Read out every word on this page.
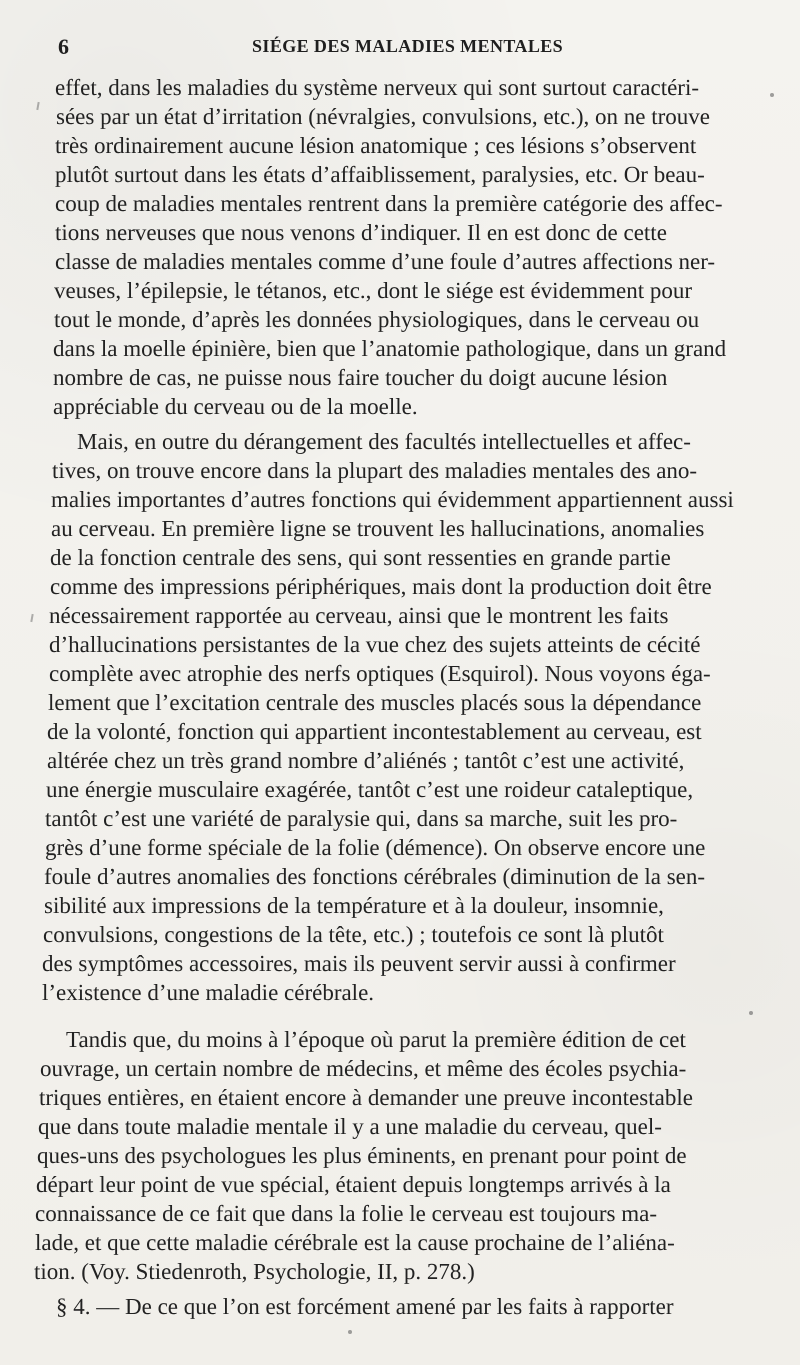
6	SIÉGE DES MALADIES MENTALES
effet, dans les maladies du système nerveux qui sont surtout caractéri-
sées par un état d’irritation (névralgies, convulsions, etc.), on ne trouve
très ordinairement aucune lésion anatomique ; ces lésions s’observent
plutôt surtout dans les états d’affaiblissement, paralysies, etc. Or beau-
coup de maladies mentales rentrent dans la première catégorie des affec-
tions nerveuses que nous venons d’indiquer. Il en est donc de cette
classe de maladies mentales comme d’une foule d’autres affections ner-
veuses, l’épilepsie, le tétanos, etc., dont le siége est évidemment pour
tout le monde, d’après les données physiologiques, dans le cerveau ou
dans la moelle épinière, bien que l’anatomie pathologique, dans un grand
nombre de cas, ne puisse nous faire toucher du doigt aucune lésion
appréciable du cerveau ou de la moelle.
Mais, en outre du dérangement des facultés intellectuelles et affec-
tives, on trouve encore dans la plupart des maladies mentales des ano-
malies importantes d’autres fonctions qui évidemment appartiennent aussi
au cerveau. En première ligne se trouvent les hallucinations, anomalies
de la fonction centrale des sens, qui sont ressenties en grande partie
comme des impressions périphériques, mais dont la production doit être
nécessairement rapportée au cerveau, ainsi que le montrent les faits
d’hallucinations persistantes de la vue chez des sujets atteints de cécité
complète avec atrophie des nerfs optiques (Esquirol). Nous voyons éga-
lement que l’excitation centrale des muscles placés sous la dépendance
de la volonté, fonction qui appartient incontestablement au cerveau, est
altérée chez un très grand nombre d’aliénés ; tantôt c’est une activité,
une énergie musculaire exagérée, tantôt c’est une roideur cataleptique,
tantôt c’est une variété de paralysie qui, dans sa marche, suit les pro-
grès d’une forme spéciale de la folie (démence). On observe encore une
foule d’autres anomalies des fonctions cérébrales (diminution de la sen-
sibilité aux impressions de la température et à la douleur, insomnie,
convulsions, congestions de la tête, etc.) ; toutefois ce sont là plutôt
des symptômes accessoires, mais ils peuvent servir aussi à confirmer
l’existence d’une maladie cérébrale.
Tandis que, du moins à l’époque où parut la première édition de cet
ouvrage, un certain nombre de médecins, et même des écoles psychia-
triques entières, en étaient encore à demander une preuve incontestable
que dans toute maladie mentale il y a une maladie du cerveau, quel-
ques-uns des psychologues les plus éminents, en prenant pour point de
départ leur point de vue spécial, étaient depuis longtemps arrivés à la
connaissance de ce fait que dans la folie le cerveau est toujours ma-
lade, et que cette maladie cérébrale est la cause prochaine de l’aliéna-
tion. (Voy. Stiedenroth, Psychologie, II, p. 278.)
§ 4. — De ce que l’on est forcément amené par les faits à rapporter
